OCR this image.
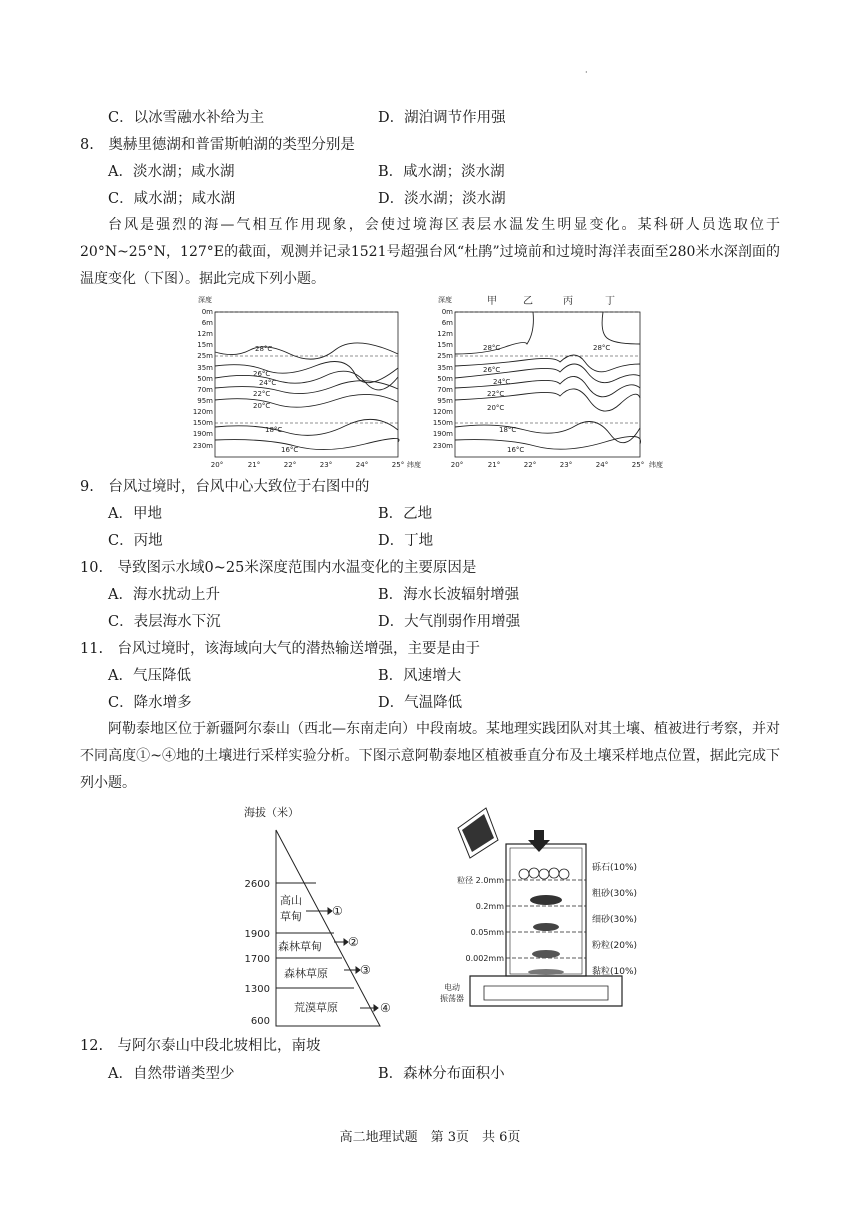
·
C．以冰雪融水补给为主	D．湖泊调节作用强
8.　奥赫里德湖和普雷斯帕湖的类型分别是
A．淡水湖；咸水湖	B．咸水湖；淡水湖
C．咸水湖；咸水湖	D．淡水湖；淡水湖
台风是强烈的海—气相互作用现象，会使过境海区表层水温发生明显变化。某科研人员选取位于20°N~25°N，127°E的截面，观测并记录1521号超强台风“杜鹃”过境前和过境时海洋表面至280米水深剖面的温度变化（下图）。据此完成下列小题。
深度
0m
6m
12m
15m
25m
35m
50m
70m
95m
120m
150m
190m
230m
28°C
26°C
24°C
22°C
20°C
18°C
16°C
20°	21°	22°	23°	24°	25° 纬度
深度
0m
6m
12m
15m
25m
35m
50m
70m
95m
120m
150m
190m
230m
甲	乙	丙	丁
28°C	28°C
26°C
24°C
22°C
20°C
18°C
16°C
20°	21°	22°	23°	24°	25° 纬度
9.　台风过境时，台风中心大致位于右图中的
A．甲地	B．乙地
C．丙地	D．丁地
10.　导致图示水域0~25米深度范围内水温变化的主要原因是
A．海水扰动上升	B．海水长波辐射增强
C．表层海水下沉	D．大气削弱作用增强
11.　台风过境时，该海域向大气的潜热输送增强，主要是由于
A．气压降低	B．风速增大
C．降水增多	D．气温降低
阿勒泰地区位于新疆阿尔泰山（西北—东南走向）中段南坡。某地理实践团队对其土壤、植被进行考察，并对不同高度①~④地的土壤进行采样实验分析。下图示意阿勒泰地区植被垂直分布及土壤采样地点位置，据此完成下列小题。
海拔（米）
2600
1900
1700
1300
600
高山
草甸
森林草甸
森林草原
荒漠草原
①
②
③
④
粒径 2.0mm
0.2mm
0.05mm
0.002mm
砾石(10%)
粗砂(30%)
细砂(30%)
粉粒(20%)
黏粒(10%)
电动
振荡器
12.　与阿尔泰山中段北坡相比，南坡
A．自然带谱类型少	B．森林分布面积小
高二地理试题　第 3页　共 6页
